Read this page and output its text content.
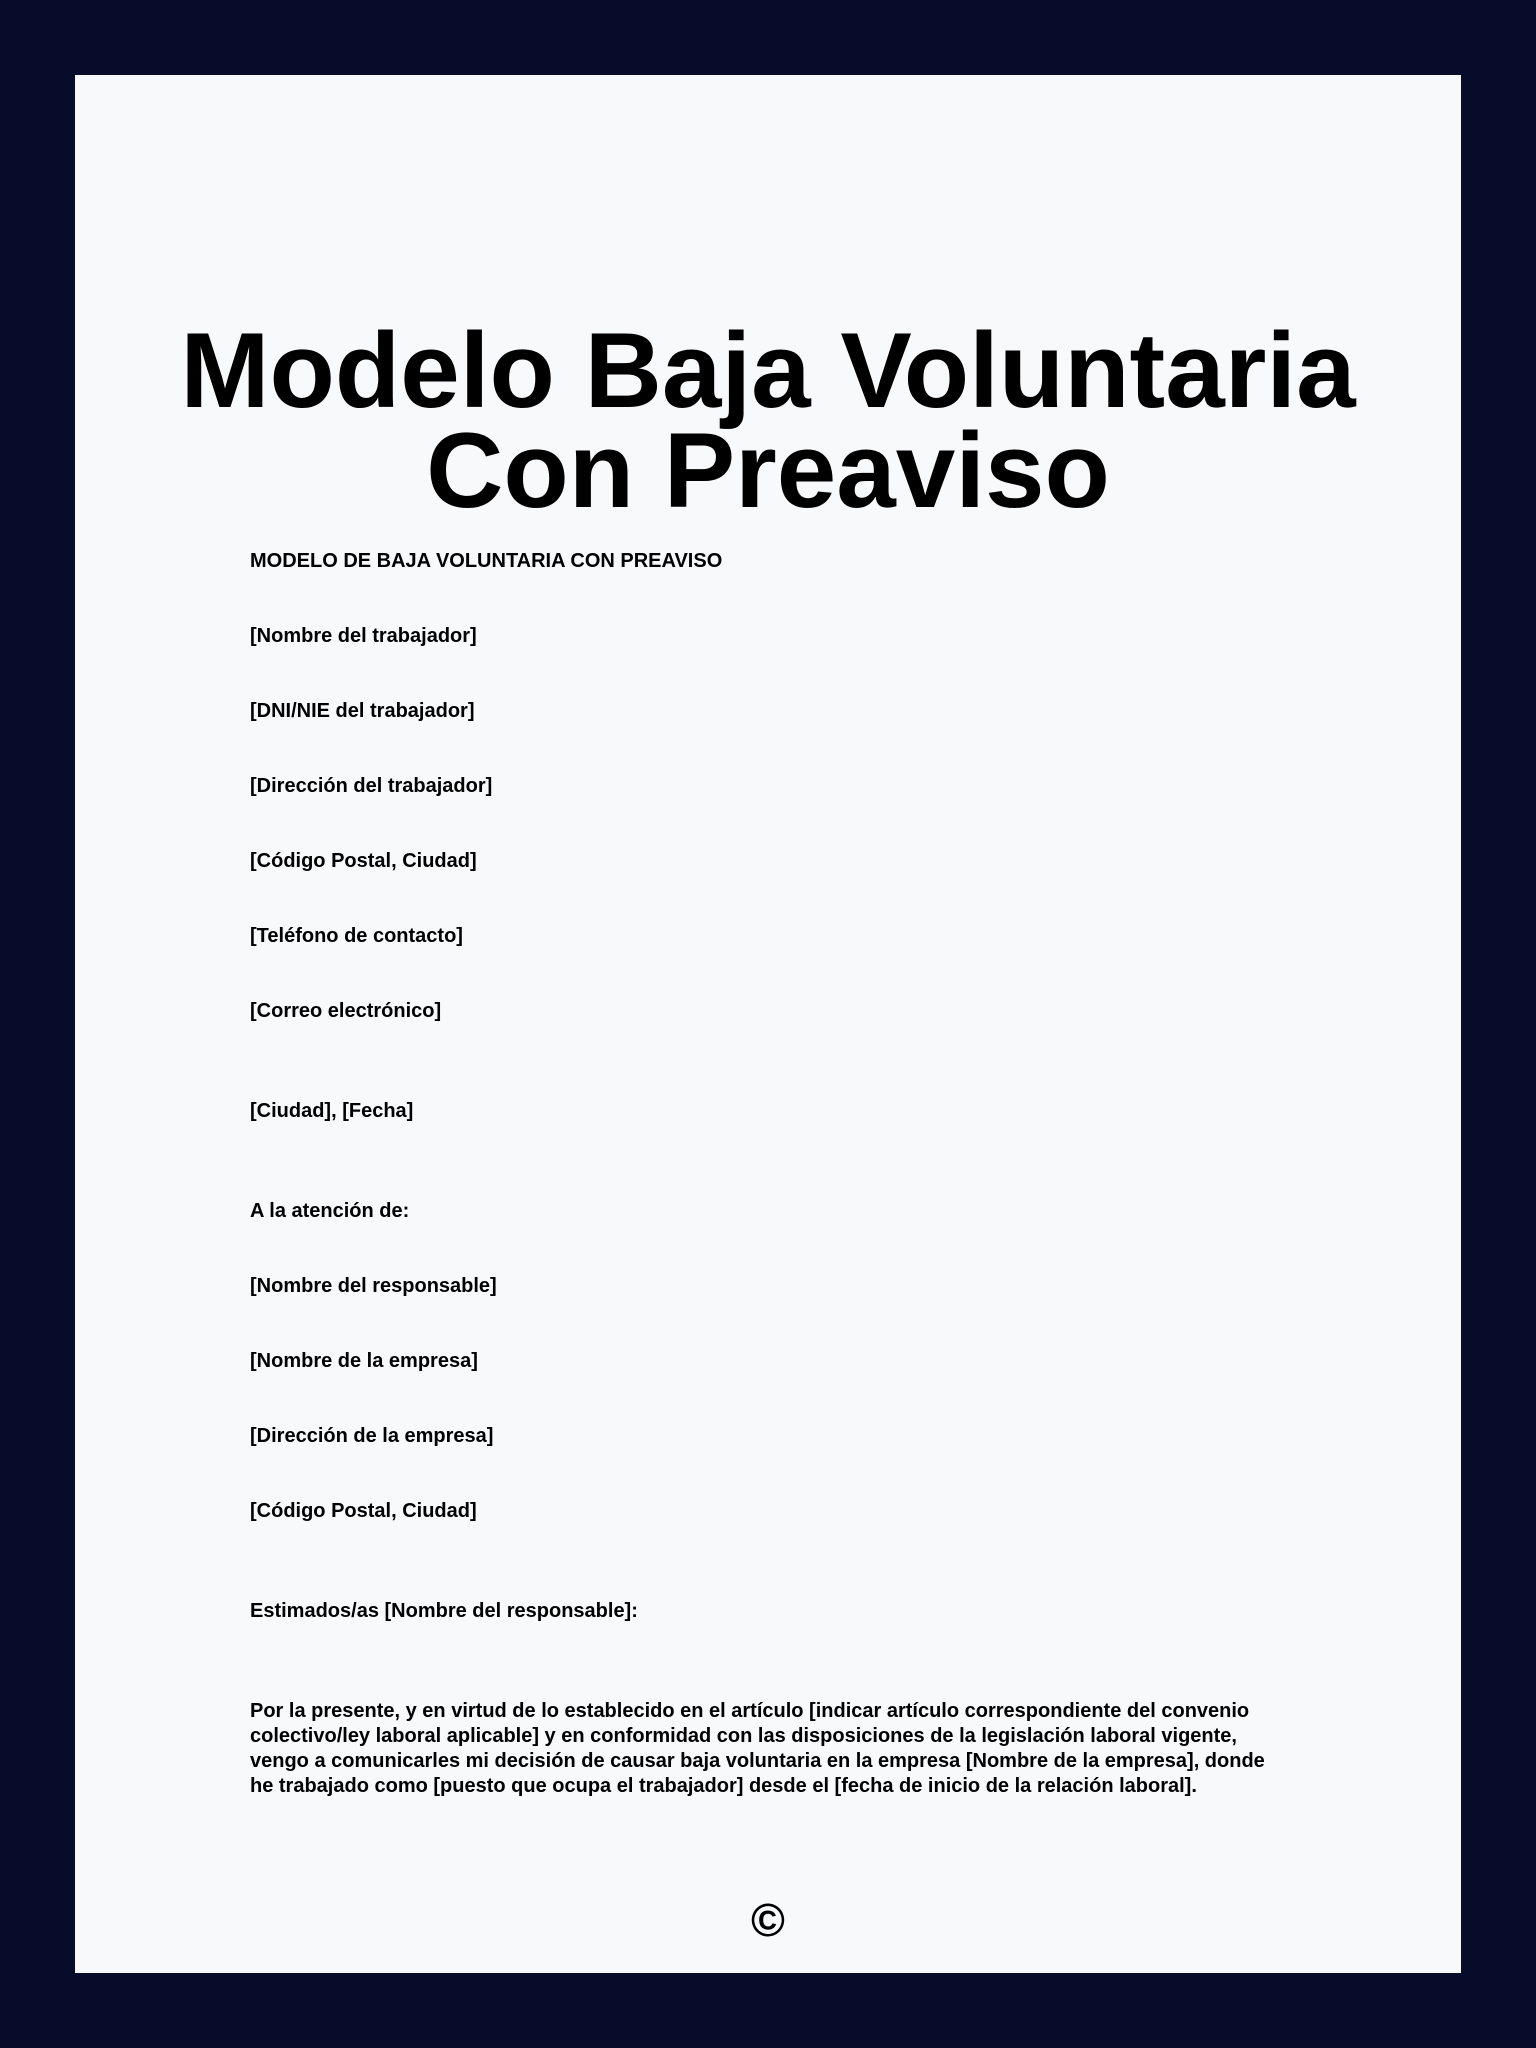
Modelo Baja Voluntaria Con Preaviso

MODELO DE BAJA VOLUNTARIA CON PREAVISO

[Nombre del trabajador]

[DNI/NIE del trabajador]

[Dirección del trabajador]

[Código Postal, Ciudad]

[Teléfono de contacto]

[Correo electrónico]

[Ciudad], [Fecha]

A la atención de:

[Nombre del responsable]

[Nombre de la empresa]

[Dirección de la empresa]

[Código Postal, Ciudad]

Estimados/as [Nombre del responsable]:

Por la presente, y en virtud de lo establecido en el artículo [indicar artículo correspondiente del convenio colectivo/ley laboral aplicable] y en conformidad con las disposiciones de la legislación laboral vigente, vengo a comunicarles mi decisión de causar baja voluntaria en la empresa [Nombre de la empresa], donde he trabajado como [puesto que ocupa el trabajador] desde el [fecha de inicio de la relación laboral].

©
